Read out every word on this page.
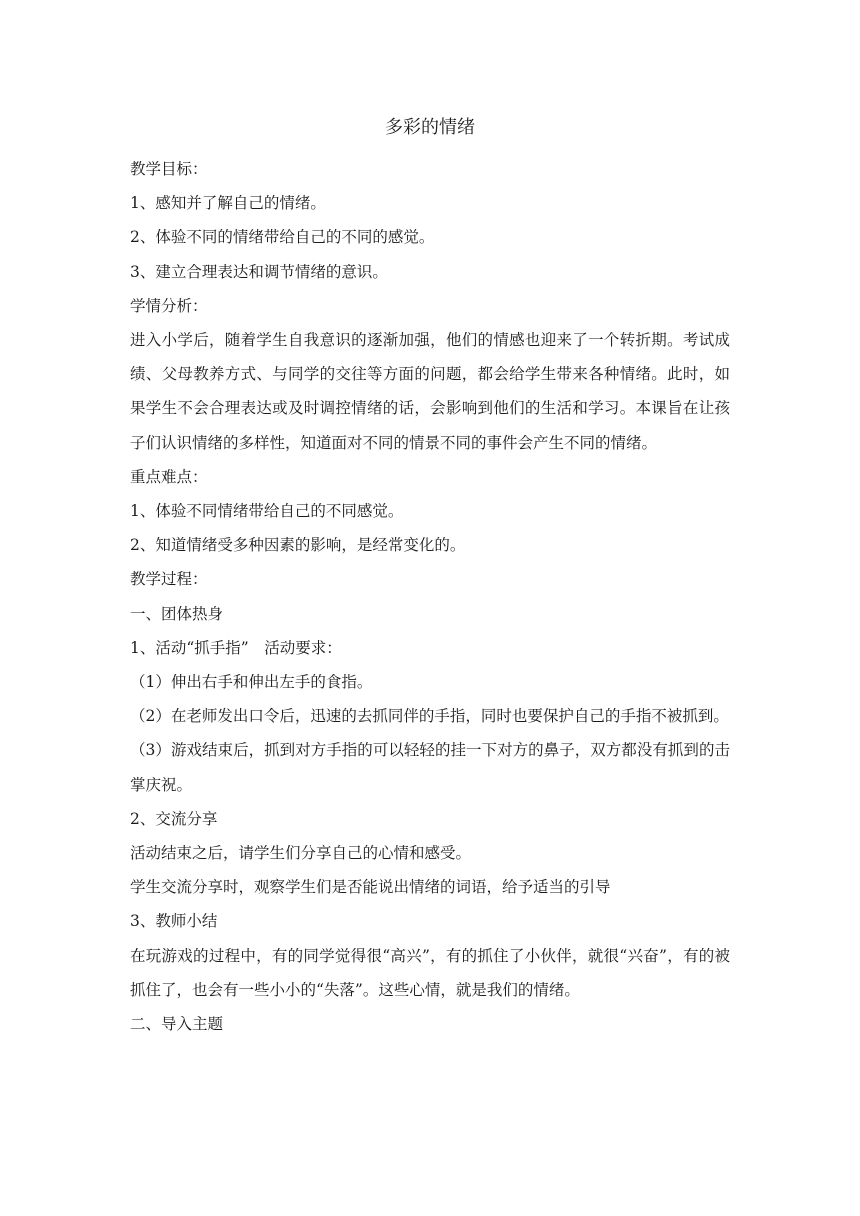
多彩的情绪

教学目标：

1、感知并了解自己的情绪。

2、体验不同的情绪带给自己的不同的感觉。

3、建立合理表达和调节情绪的意识。

学情分析：

进入小学后，随着学生自我意识的逐渐加强，他们的情感也迎来了一个转折期。考试成绩、父母教养方式、与同学的交往等方面的问题，都会给学生带来各种情绪。此时，如果学生不会合理表达或及时调控情绪的话，会影响到他们的生活和学习。本课旨在让孩子们认识情绪的多样性，知道面对不同的情景不同的事件会产生不同的情绪。

重点难点：

1、体验不同情绪带给自己的不同感觉。

2、知道情绪受多种因素的影响，是经常变化的。

教学过程：

一、团体热身

1、活动“抓手指”　活动要求：

（1）伸出右手和伸出左手的食指。

（2）在老师发出口令后，迅速的去抓同伴的手指，同时也要保护自己的手指不被抓到。

（3）游戏结束后，抓到对方手指的可以轻轻的挂一下对方的鼻子，双方都没有抓到的击掌庆祝。

2、交流分享

活动结束之后，请学生们分享自己的心情和感受。

学生交流分享时，观察学生们是否能说出情绪的词语，给予适当的引导

3、教师小结

在玩游戏的过程中，有的同学觉得很“高兴”，有的抓住了小伙伴，就很“兴奋”，有的被抓住了，也会有一些小小的“失落”。这些心情，就是我们的情绪。

二、导入主题
